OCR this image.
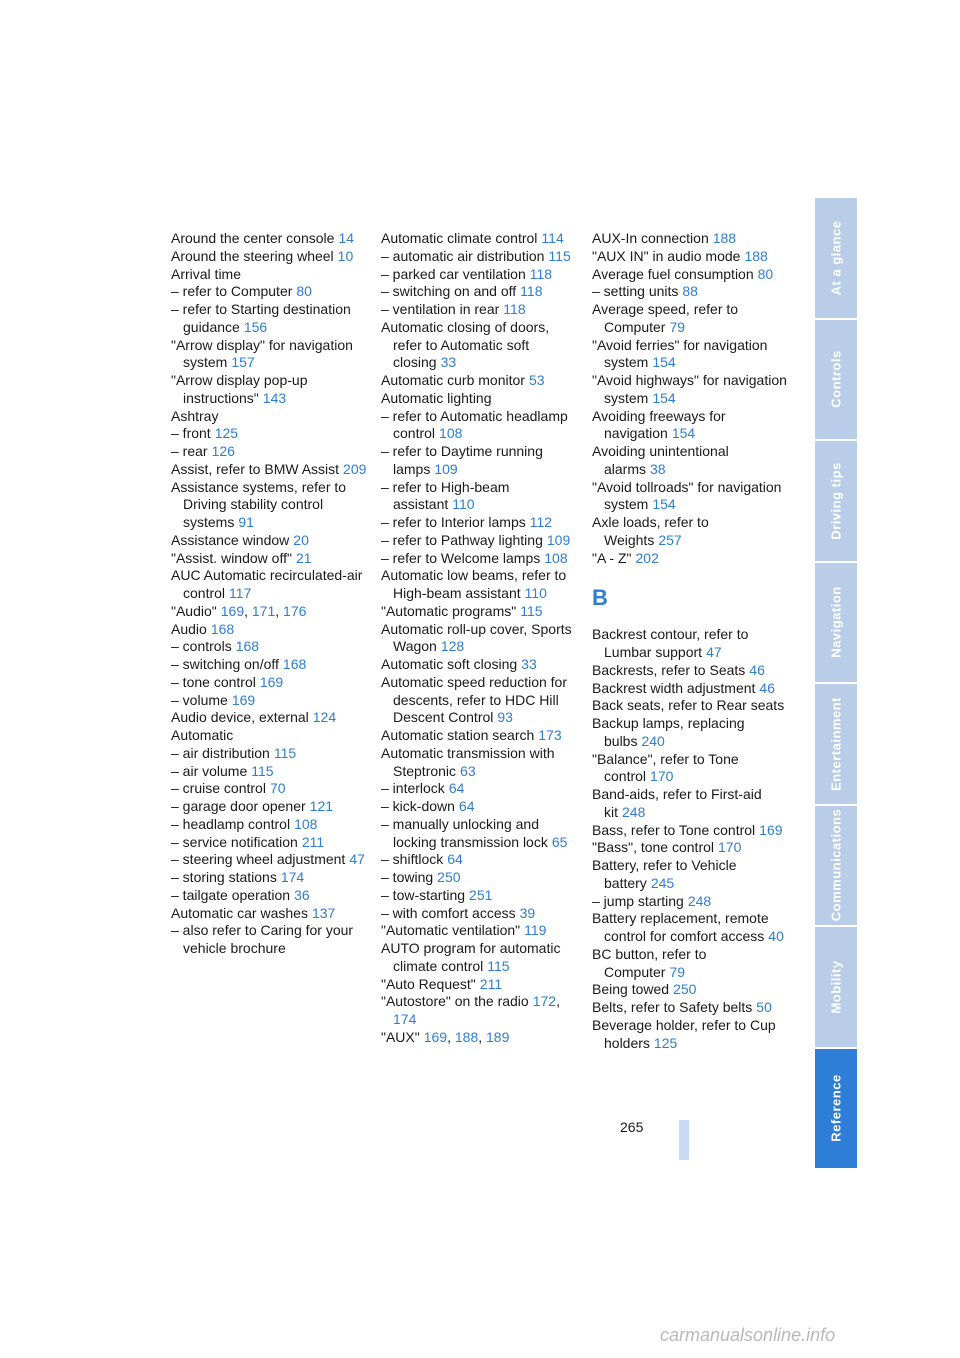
Around the center console 14
Around the steering wheel 10
Arrival time
– refer to Computer 80
– refer to Starting destination guidance 156
"Arrow display" for navigation system 157
"Arrow display pop-up instructions" 143
Ashtray
– front 125
– rear 126
Assist, refer to BMW Assist 209
Assistance systems, refer to Driving stability control systems 91
Assistance window 20
"Assist. window off" 21
AUC Automatic recirculated-air control 117
"Audio" 169, 171, 176
Audio 168
– controls 168
– switching on/off 168
– tone control 169
– volume 169
Audio device, external 124
Automatic
– air distribution 115
– air volume 115
– cruise control 70
– garage door opener 121
– headlamp control 108
– service notification 211
– steering wheel adjustment 47
– storing stations 174
– tailgate operation 36
Automatic car washes 137
– also refer to Caring for your vehicle brochure
Automatic climate control 114
– automatic air distribution 115
– parked car ventilation 118
– switching on and off 118
– ventilation in rear 118
Automatic closing of doors, refer to Automatic soft closing 33
Automatic curb monitor 53
Automatic lighting
– refer to Automatic headlamp control 108
– refer to Daytime running lamps 109
– refer to High-beam assistant 110
– refer to Interior lamps 112
– refer to Pathway lighting 109
– refer to Welcome lamps 108
Automatic low beams, refer to High-beam assistant 110
"Automatic programs" 115
Automatic roll-up cover, Sports Wagon 128
Automatic soft closing 33
Automatic speed reduction for descents, refer to HDC Hill Descent Control 93
Automatic station search 173
Automatic transmission with Steptronic 63
– interlock 64
– kick-down 64
– manually unlocking and locking transmission lock 65
– shiftlock 64
– towing 250
– tow-starting 251
– with comfort access 39
"Automatic ventilation" 119
AUTO program for automatic climate control 115
"Auto Request" 211
"Autostore" on the radio 172, 174
"AUX" 169, 188, 189
AUX-In connection 188
"AUX IN" in audio mode 188
Average fuel consumption 80
– setting units 88
Average speed, refer to Computer 79
"Avoid ferries" for navigation system 154
"Avoid highways" for navigation system 154
Avoiding freeways for navigation 154
Avoiding unintentional alarms 38
"Avoid tollroads" for navigation system 154
Axle loads, refer to Weights 257
"A - Z" 202
B
Backrest contour, refer to Lumbar support 47
Backrests, refer to Seats 46
Backrest width adjustment 46
Back seats, refer to Rear seats
Backup lamps, replacing bulbs 240
"Balance", refer to Tone control 170
Band-aids, refer to First-aid kit 248
Bass, refer to Tone control 169
"Bass", tone control 170
Battery, refer to Vehicle battery 245
– jump starting 248
Battery replacement, remote control for comfort access 40
BC button, refer to Computer 79
Being towed 250
Belts, refer to Safety belts 50
Beverage holder, refer to Cup holders 125
265
At a glance
Controls
Driving tips
Navigation
Entertainment
Communications
Mobility
Reference
carmanualsonline.info
